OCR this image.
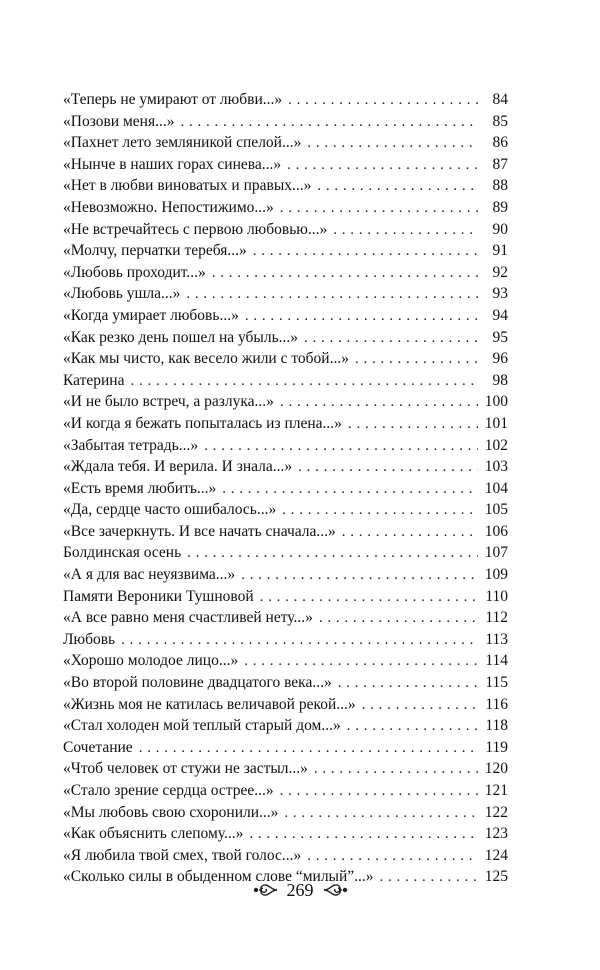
«Теперь не умирают от любви...» . . .	84
«Позови меня...» . . .	85
«Пахнет лето земляникой спелой...» . . .	86
«Нынче в наших горах синева...» . . .	87
«Нет в любви виноватых и правых...» . . .	88
«Невозможно. Непостижимо...» . . .	89
«Не встречайтесь с первою любовью...» . . .	90
«Молчу, перчатки теребя...» . . .	91
«Любовь проходит...» . . .	92
«Любовь ушла...» . . .	93
«Когда умирает любовь...» . . .	94
«Как резко день пошел на убыль...» . . .	95
«Как мы чисто, как весело жили с тобой...» . . .	96
Катерина . . .	98
«И не было встреч, а разлука...» . . .	100
«И когда я бежать попыталась из плена...» . . .	101
«Забытая тетрадь...» . . .	102
«Ждала тебя. И верила. И знала...» . . .	103
«Есть время любить...» . . .	104
«Да, сердце часто ошибалось...» . . .	105
«Все зачеркнуть. И все начать сначала...» . . .	106
Болдинская осень . . .	107
«А я для вас неуязвима...» . . .	109
Памяти Вероники Тушновой . . .	110
«А все равно меня счастливей нету...» . . .	112
Любовь . . .	113
«Хорошо молодое лицо...» . . .	114
«Во второй половине двадцатого века...» . . .	115
«Жизнь моя не катилась величавой рекой...» . . .	116
«Стал холоден мой теплый старый дом...» . . .	118
Сочетание . . .	119
«Чтоб человек от стужи не застыл...» . . .	120
«Стало зрение сердца острее...» . . .	121
«Мы любовь свою схоронили...» . . .	122
«Как объяснить слепому...» . . .	123
«Я любила твой смех, твой голос...» . . .	124
«Сколько силы в обыденном слове “милый”...» . . .	125
269
